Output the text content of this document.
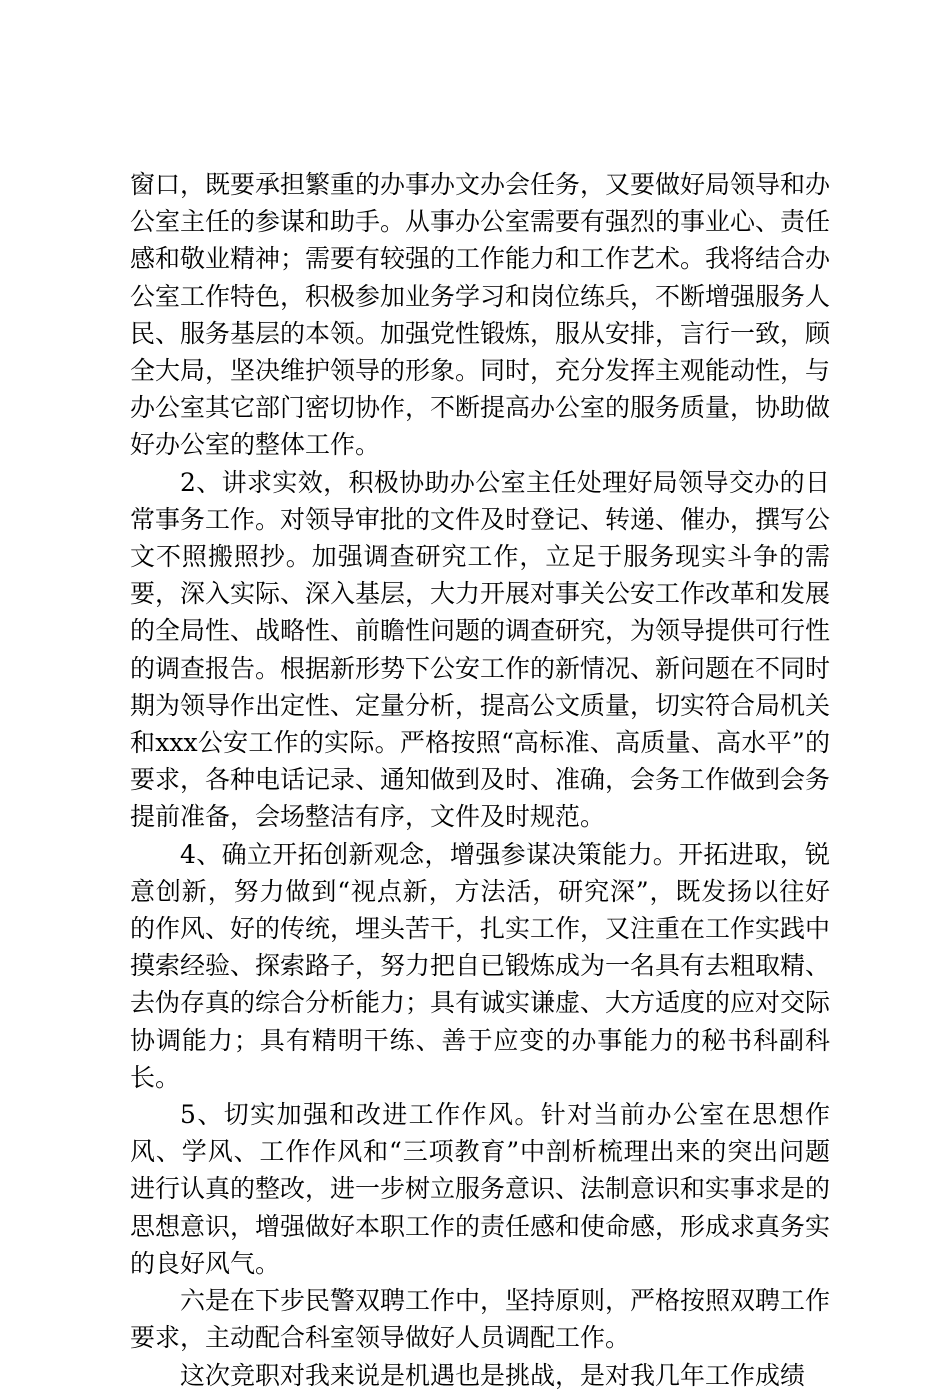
窗口，既要承担繁重的办事办文办会任务，又要做好局领导和办公室主任的参谋和助手。从事办公室需要有强烈的事业心、责任感和敬业精神；需要有较强的工作能力和工作艺术。我将结合办公室工作特色，积极参加业务学习和岗位练兵，不断增强服务人民、服务基层的本领。加强党性锻炼，服从安排，言行一致，顾全大局，坚决维护领导的形象。同时，充分发挥主观能动性，与办公室其它部门密切协作，不断提高办公室的服务质量，协助做好办公室的整体工作。

2、讲求实效，积极协助办公室主任处理好局领导交办的日常事务工作。对领导审批的文件及时登记、转递、催办，撰写公文不照搬照抄。加强调查研究工作，立足于服务现实斗争的需要，深入实际、深入基层，大力开展对事关公安工作改革和发展的全局性、战略性、前瞻性问题的调查研究，为领导提供可行性的调查报告。根据新形势下公安工作的新情况、新问题在不同时期为领导作出定性、定量分析，提高公文质量，切实符合局机关和xxx公安工作的实际。严格按照“高标准、高质量、高水平”的要求，各种电话记录、通知做到及时、准确，会务工作做到会务提前准备，会场整洁有序，文件及时规范。

4、确立开拓创新观念，增强参谋决策能力。开拓进取，锐意创新，努力做到“视点新，方法活，研究深”，既发扬以往好的作风、好的传统，埋头苦干，扎实工作，又注重在工作实践中摸索经验、探索路子，努力把自已锻炼成为一名具有去粗取精、去伪存真的综合分析能力；具有诚实谦虚、大方适度的应对交际协调能力；具有精明干练、善于应变的办事能力的秘书科副科长。

5、切实加强和改进工作作风。针对当前办公室在思想作风、学风、工作作风和“三项教育”中剖析梳理出来的突出问题进行认真的整改，进一步树立服务意识、法制意识和实事求是的思想意识，增强做好本职工作的责任感和使命感，形成求真务实的良好风气。

六是在下步民警双聘工作中，坚持原则，严格按照双聘工作要求，主动配合科室领导做好人员调配工作。

这次竞职对我来说是机遇也是挑战，是对我几年工作成绩
